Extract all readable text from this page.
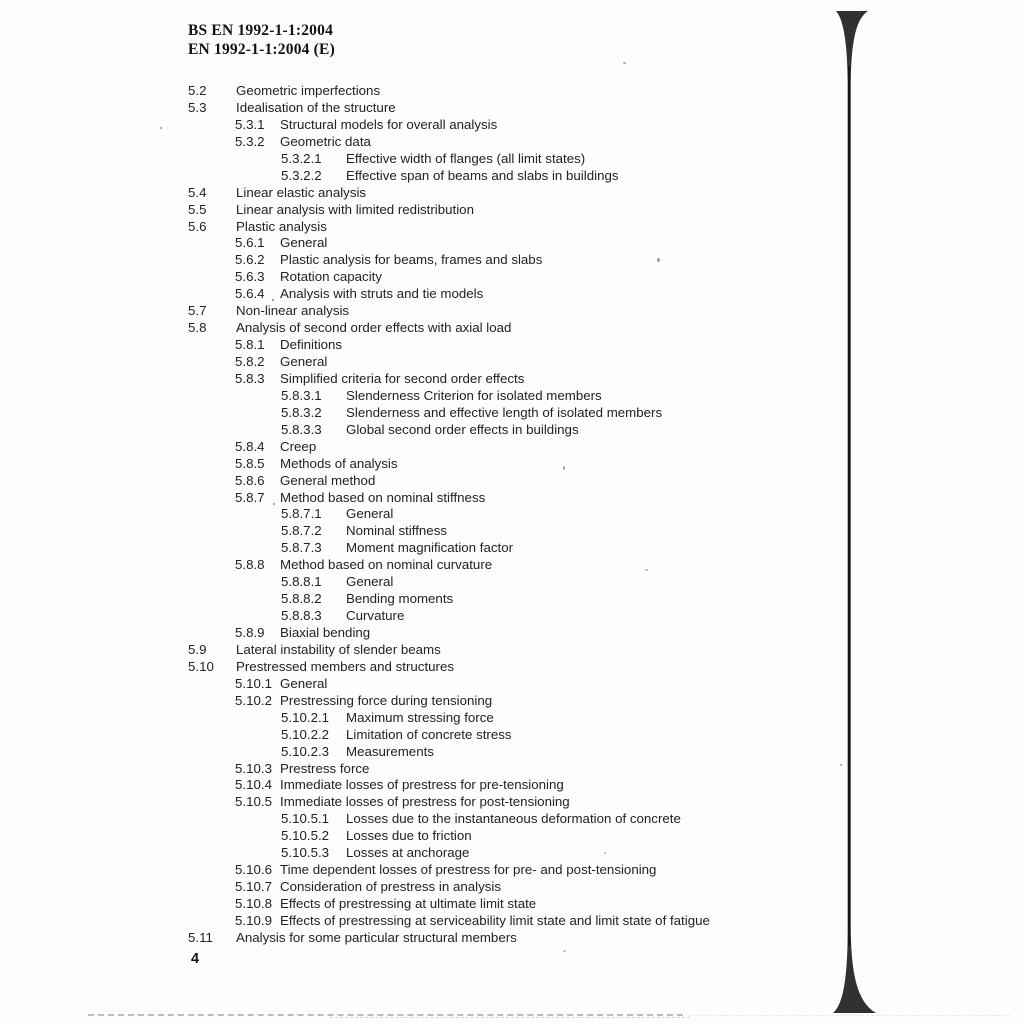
BS EN 1992-1-1:2004
EN 1992-1-1:2004 (E)
5.2 Geometric imperfections
5.3 Idealisation of the structure
5.3.1 Structural models for overall analysis
5.3.2 Geometric data
5.3.2.1 Effective width of flanges (all limit states)
5.3.2.2 Effective span of beams and slabs in buildings
5.4 Linear elastic analysis
5.5 Linear analysis with limited redistribution
5.6 Plastic analysis
5.6.1 General
5.6.2 Plastic analysis for beams, frames and slabs
5.6.3 Rotation capacity
5.6.4 Analysis with struts and tie models
5.7 Non-linear analysis
5.8 Analysis of second order effects with axial load
5.8.1 Definitions
5.8.2 General
5.8.3 Simplified criteria for second order effects
5.8.3.1 Slenderness Criterion for isolated members
5.8.3.2 Slenderness and effective length of isolated members
5.8.3.3 Global second order effects in buildings
5.8.4 Creep
5.8.5 Methods of analysis
5.8.6 General method
5.8.7 Method based on nominal stiffness
5.8.7.1 General
5.8.7.2 Nominal stiffness
5.8.7.3 Moment magnification factor
5.8.8 Method based on nominal curvature
5.8.8.1 General
5.8.8.2 Bending moments
5.8.8.3 Curvature
5.8.9 Biaxial bending
5.9 Lateral instability of slender beams
5.10 Prestressed members and structures
5.10.1 General
5.10.2 Prestressing force during tensioning
5.10.2.1 Maximum stressing force
5.10.2.2 Limitation of concrete stress
5.10.2.3 Measurements
5.10.3 Prestress force
5.10.4 Immediate losses of prestress for pre-tensioning
5.10.5 Immediate losses of prestress for post-tensioning
5.10.5.1 Losses due to the instantaneous deformation of concrete
5.10.5.2 Losses due to friction
5.10.5.3 Losses at anchorage
5.10.6 Time dependent losses of prestress for pre- and post-tensioning
5.10.7 Consideration of prestress in analysis
5.10.8 Effects of prestressing at ultimate limit state
5.10.9 Effects of prestressing at serviceability limit state and limit state of fatigue
5.11 Analysis for some particular structural members
4
